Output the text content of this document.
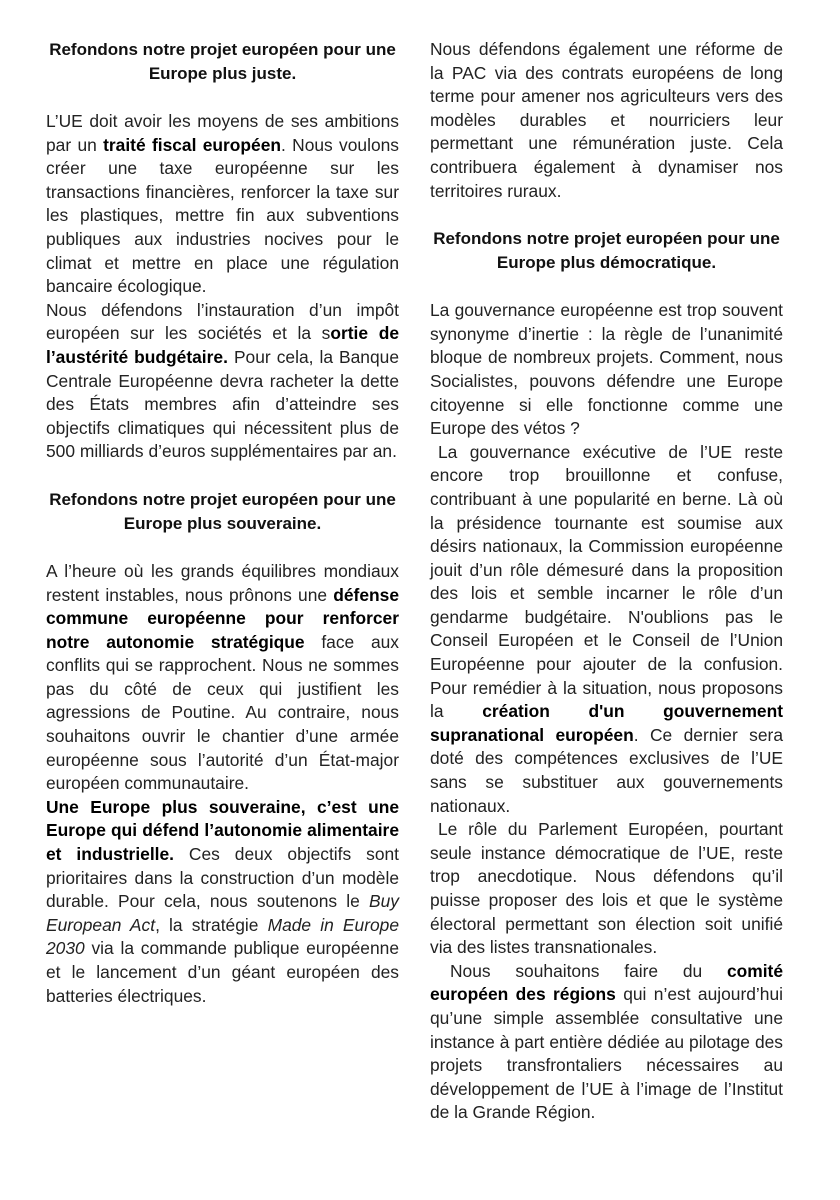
Refondons notre projet européen pour une Europe plus juste.

L’UE doit avoir les moyens de ses ambitions par un traité fiscal européen. Nous voulons créer une taxe européenne sur les transactions financières, renforcer la taxe sur les plastiques, mettre fin aux subventions publiques aux industries nocives pour le climat et mettre en place une régulation bancaire écologique.

Nous défendons l’instauration d’un impôt européen sur les sociétés et la sortie de l’austérité budgétaire. Pour cela, la Banque Centrale Européenne devra racheter la dette des États membres afin d’atteindre ses objectifs climatiques qui nécessitent plus de 500 milliards d’euros supplémentaires par an.

Refondons notre projet européen pour une Europe plus souveraine.

A l’heure où les grands équilibres mondiaux restent instables, nous prônons une défense commune européenne pour renforcer notre autonomie stratégique face aux conflits qui se rapprochent. Nous ne sommes pas du côté de ceux qui justifient les agressions de Poutine. Au contraire, nous souhaitons ouvrir le chantier d’une armée européenne sous l’autorité d’un État-major européen communautaire.

Une Europe plus souveraine, c’est une Europe qui défend l’autonomie alimentaire et industrielle. Ces deux objectifs sont prioritaires dans la construction d’un modèle durable. Pour cela, nous soutenons le Buy European Act, la stratégie Made in Europe 2030 via la commande publique européenne et le lancement d’un géant européen des batteries électriques.

Nous défendons également une réforme de la PAC via des contrats européens de long terme pour amener nos agriculteurs vers des modèles durables et nourriciers leur permettant une rémunération juste. Cela contribuera également à dynamiser nos territoires ruraux.

Refondons notre projet européen pour une Europe plus démocratique.

La gouvernance européenne est trop souvent synonyme d’inertie : la règle de l’unanimité bloque de nombreux projets. Comment, nous Socialistes, pouvons défendre une Europe citoyenne si elle fonctionne comme une Europe des vétos ?

La gouvernance exécutive de l’UE reste encore trop brouillonne et confuse, contribuant à une popularité en berne. Là où la présidence tournante est soumise aux désirs nationaux, la Commission européenne jouit d’un rôle démesuré dans la proposition des lois et semble incarner le rôle d’un gendarme budgétaire. N'oublions pas le Conseil Européen et le Conseil de l’Union Européenne pour ajouter de la confusion. Pour remédier à la situation, nous proposons la création d'un gouvernement supranational européen. Ce dernier sera doté des compétences exclusives de l’UE sans se substituer aux gouvernements nationaux.

Le rôle du Parlement Européen, pourtant seule instance démocratique de l’UE, reste trop anecdotique. Nous défendons qu’il puisse proposer des lois et que le système électoral permettant son élection soit unifié via des listes transnationales.

Nous souhaitons faire du comité européen des régions qui n’est aujourd’hui qu’une simple assemblée consultative une instance à part entière dédiée au pilotage des projets transfrontaliers nécessaires au développement de l’UE à l’image de l’Institut de la Grande Région.
